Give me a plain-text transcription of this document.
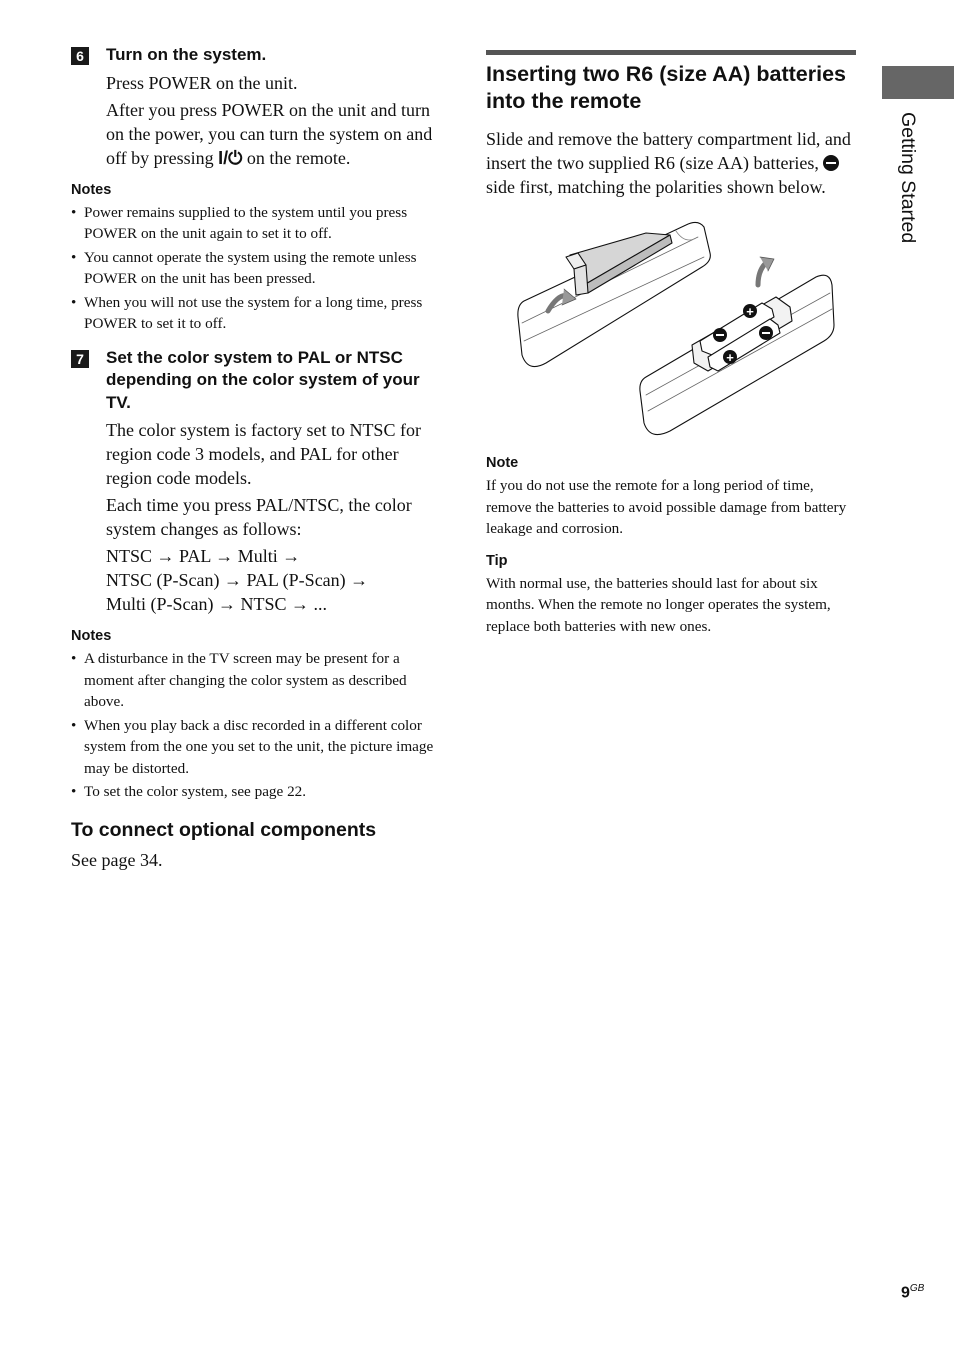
6	Turn on the system.

Press POWER on the unit.

After you press POWER on the unit and turn on the power, you can turn the system on and off by pressing I/⏻ on the remote.

Notes

• Power remains supplied to the system until you press POWER on the unit again to set it to off.
• You cannot operate the system using the remote unless POWER on the unit has been pressed.
• When you will not use the system for a long time, press POWER to set it to off.
7	Set the color system to PAL or NTSC depending on the color system of your TV.

The color system is factory set to NTSC for region code 3 models, and PAL for other region code models.

Each time you press PAL/NTSC, the color system changes as follows:

NTSC → PAL → Multi →

NTSC (P-Scan) → PAL (P-Scan) →

Multi (P-Scan) → NTSC → ...

Notes

• A disturbance in the TV screen may be present for a moment after changing the color system as described above.
• When you play back a disc recorded in a different color system from the one you set to the unit, the picture image may be distorted.
• To set the color system, see page 22.

To connect optional components

See page 34.

Inserting two R6 (size AA) batteries into the remote

Slide and remove the battery compartment lid, and insert the two supplied R6 (size AA) batteries,  side first, matching the polarities shown below.

+
+

Note

If you do not use the remote for a long period of time, remove the batteries to avoid possible damage from battery leakage and corrosion.

Tip

With normal use, the batteries should last for about six months. When the remote no longer operates the system, replace both batteries with new ones.

Getting Started
$9^{GB}$
